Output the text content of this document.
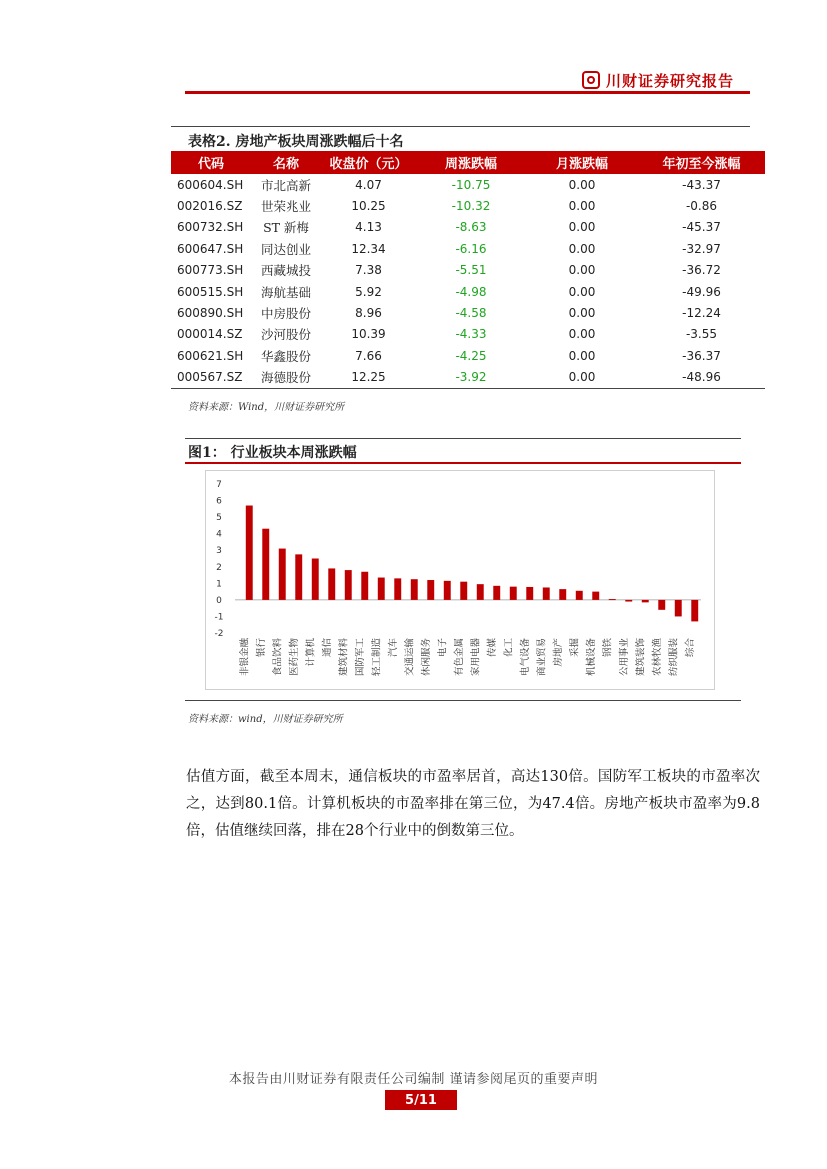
川财证券研究报告
表格2. 房地产板块周涨跌幅后十名
代码	名称	收盘价（元）	周涨跌幅	月涨跌幅	年初至今涨幅
600604.SH	市北高新	4.07	-10.75	0.00	-43.37
002016.SZ	世荣兆业	10.25	-10.32	0.00	-0.86
600732.SH	ST 新梅	4.13	-8.63	0.00	-45.37
600647.SH	同达创业	12.34	-6.16	0.00	-32.97
600773.SH	西藏城投	7.38	-5.51	0.00	-36.72
600515.SH	海航基础	5.92	-4.98	0.00	-49.96
600890.SH	中房股份	8.96	-4.58	0.00	-12.24
000014.SZ	沙河股份	10.39	-4.33	0.00	-3.55
600621.SH	华鑫股份	7.66	-4.25	0.00	-36.37
000567.SZ	海德股份	12.25	-3.92	0.00	-48.96
资料来源：Wind，川财证券研究所
图1： 行业板块本周涨跌幅
7
6
5
4
3
2
1
0
-1
-2
非银金融 银行 食品饮料 医药生物 计算机 通信 建筑材料 国防军工 轻工制造 汽车 交通运输 休闲服务 电子 有色金属 家用电器 传媒 化工 电气设备 商业贸易 房地产 采掘 机械设备 钢铁 公用事业 建筑装饰 农林牧渔 纺织服装 综合
资料来源：wind，川财证券研究所
估值方面，截至本周末，通信板块的市盈率居首，高达130倍。国防军工板块的市盈率次之，达到80.1倍。计算机板块的市盈率排在第三位，为47.4倍。房地产板块市盈率为9.8倍，估值继续回落，排在28个行业中的倒数第三位。
本报告由川财证券有限责任公司编制 谨请参阅尾页的重要声明
5/11
